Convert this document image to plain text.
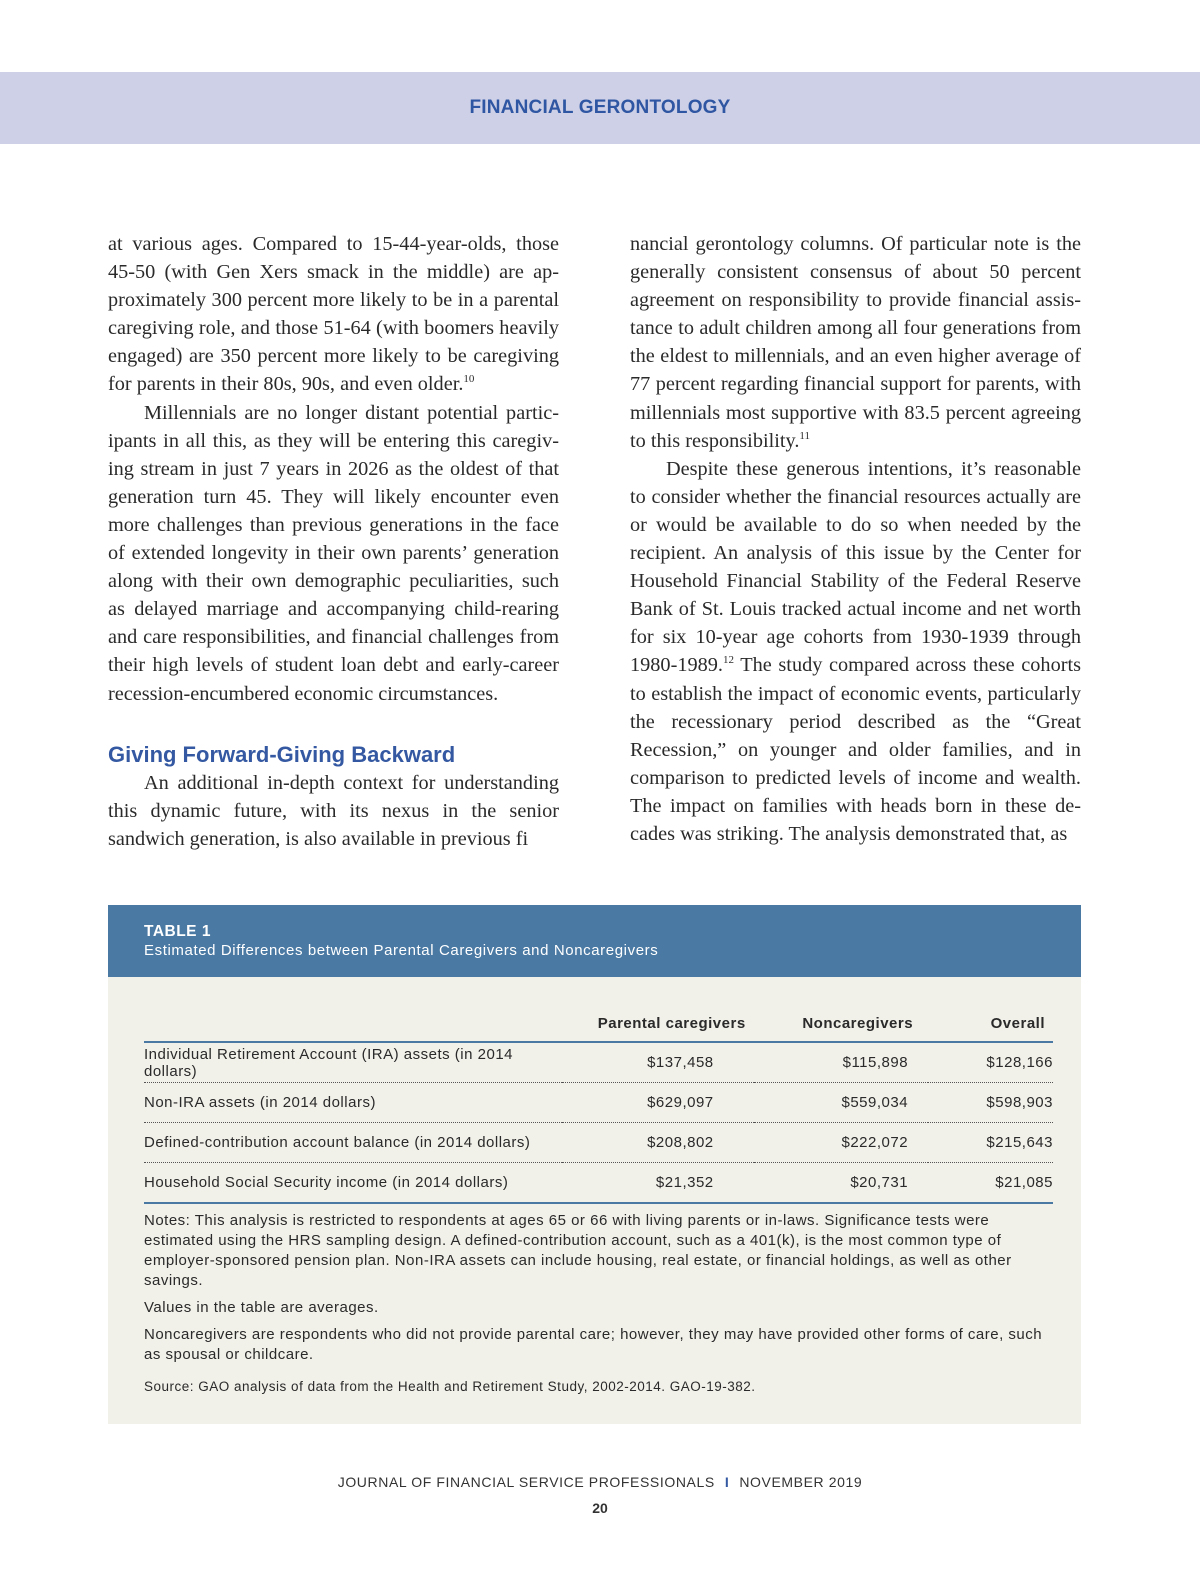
FINANCIAL GERONTOLOGY

at various ages. Compared to 15-44-year-olds, those 45-50 (with Gen Xers smack in the middle) are approximately 300 percent more likely to be in a parental caregiving role, and those 51-64 (with boomers heavily engaged) are 350 percent more likely to be caregiving for parents in their 80s, 90s, and even older.$^{10}$

Millennials are no longer distant potential participants in all this, as they will be entering this caregiving stream in just 7 years in 2026 as the oldest of that generation turn 45. They will likely encounter even more challenges than previous generations in the face of extended longevity in their own parents’ generation along with their own demographic peculiarities, such as delayed marriage and accompanying child-rearing and care responsibilities, and financial challenges from their high levels of student loan debt and early-career recession-encumbered economic circumstances.

Giving Forward-Giving Backward

An additional in-depth context for understanding this dynamic future, with its nexus in the senior sandwich generation, is also available in previous fi

nancial gerontology columns. Of particular note is the generally consistent consensus of about 50 percent agreement on responsibility to provide financial assistance to adult children among all four generations from the eldest to millennials, and an even higher average of 77 percent regarding financial support for parents, with millennials most supportive with 83.5 percent agreeing to this responsibility.$^{11}$

Despite these generous intentions, it’s reasonable to consider whether the financial resources actually are or would be available to do so when needed by the recipient. An analysis of this issue by the Center for Household Financial Stability of the Federal Reserve Bank of St. Louis tracked actual income and net worth for six 10-year age cohorts from 1930-1939 through 1980-1989.12 The study compared across these cohorts to establish the impact of economic events, particularly the recessionary period described as the “Great Recession,” on younger and older families, and in comparison to predicted levels of income and wealth. The impact on families with heads born in these decades was striking. The analysis demonstrated that, as

TABLE 1
Estimated Differences between Parental Caregivers and Noncaregivers
	Parental caregivers	Noncaregivers	Overall
Individual Retirement Account (IRA) assets (in 2014 dollars)	$137,458	$115,898	$128,166
Non-IRA assets (in 2014 dollars)	$629,097	$559,034	$598,903
Defined-contribution account balance (in 2014 dollars)	$208,802	$222,072	$215,643
Household Social Security income (in 2014 dollars)	$21,352	$20,731	$21,085

Notes: This analysis is restricted to respondents at ages 65 or 66 with living parents or in-laws. Significance tests were estimated using the HRS sampling design. A defined-contribution account, such as a 401(k), is the most common type of employer-sponsored pension plan. Non-IRA assets can include housing, real estate, or financial holdings, as well as other savings.

Values in the table are averages.

Noncaregivers are respondents who did not provide parental care; however, they may have provided other forms of care, such as spousal or childcare.

Source: GAO analysis of data from the Health and Retirement Study, 2002-2014. GAO-19-382.

JOURNAL OF FINANCIAL SERVICE PROFESSIONALS I NOVEMBER 2019
20
